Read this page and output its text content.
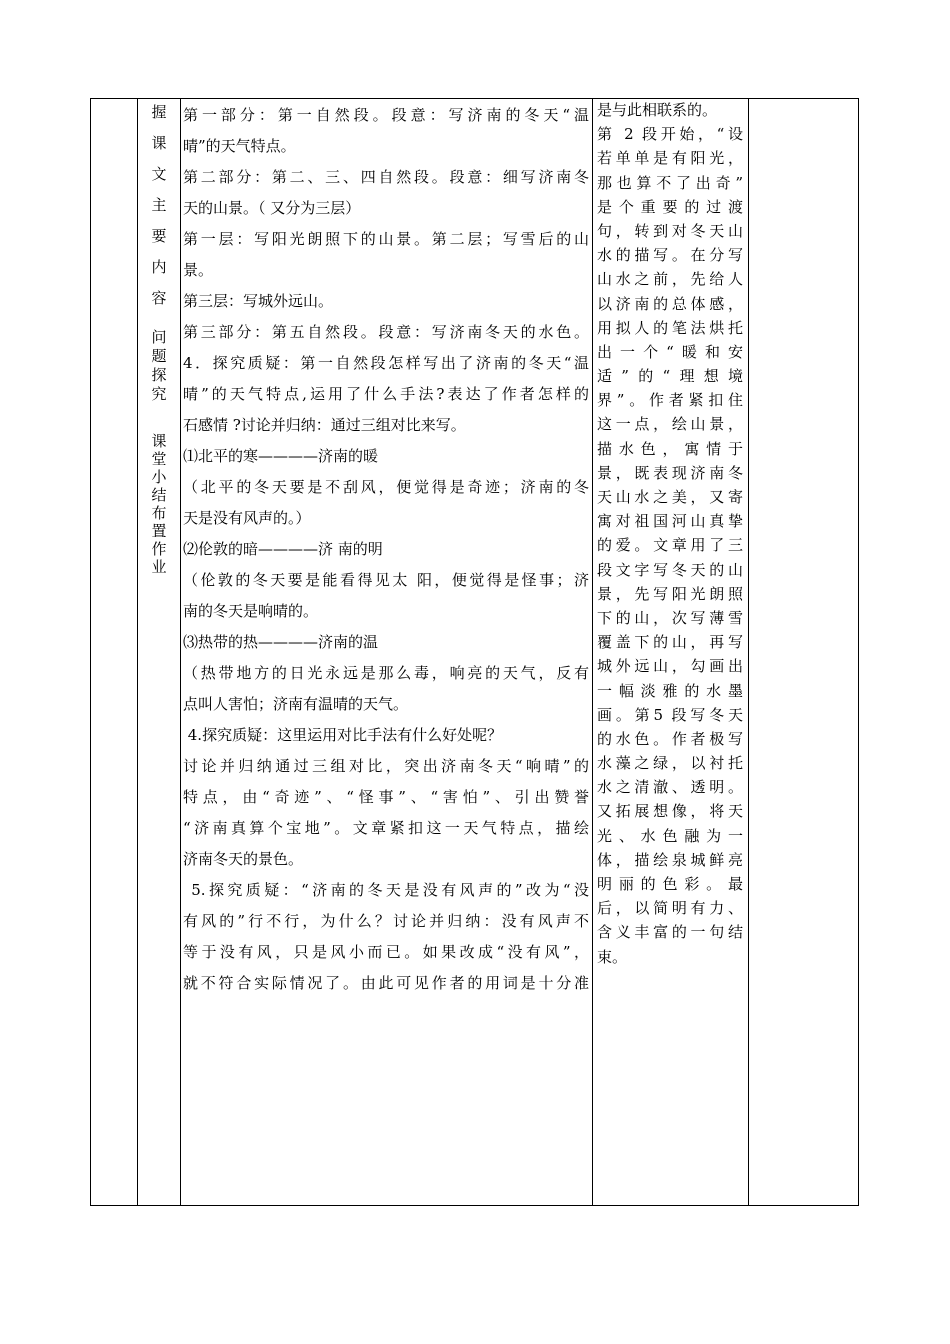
握课文主要内容
问题探究
课堂小结布置作业
第一部分：第一自然段。段意：写济南的冬天“温
晴”的天气特点。
第二部分：第二、三、四自然段。段意：细写济南冬
天的山景。（ 又分为三层）
第一层：写阳光朗照下的山景。第二层；写雪后的山
景。
第三层：写城外远山。
第三部分：第五自然段。段意：写济南冬天的水色。
4．探究质疑：第一自然段怎样写出了济南的冬天“温
晴”的天气特点,运用了什么手法?表达了作者怎样的
石感情 ?讨论并归纳：通过三组对比来写。
⑴北平的寒————济南的暖
（北平的冬天要是不刮风，便觉得是奇迹；济南的冬
天是没有风声的。）
⑵伦敦的暗————济 南的明
（伦敦的冬天要是能看得见太 阳，便觉得是怪事；济
南的冬天是响晴的。
⑶热带的热————济南的温
（热带地方的日光永远是那么毒，响亮的天气，反有
点叫人害怕；济南有温晴的天气。
4.探究质疑：这里运用对比手法有什么好处呢？
讨论并归纳通过三组对比，突出济南冬天“响晴”的
特点，由“奇迹”、“怪事”、“害怕”、引出赞誉
“济南真算个宝地”。文章紧扣这一天气特点，描绘
济南冬天的景色。
5.探究质疑：“济南的冬天是没有风声的”改为“没
有风的”行不行，为什么？讨论并归纳：没有风声不
等于没有风，只是风小而已。如果改成“没有风”，
就不符合实际情况了。由此可见作者的用词是十分准
是与此相联系的。
第 2 段开始，“设
若单单是有阳光，
那也算不了出奇”
是个重要的过渡
句，转到对冬天山
水的描写。在分写
山水之前，先给人
以济南的总体感，
用拟人的笔法烘托
出一个“暖和安
适”的“理想境
界”。作者紧扣住
这一点，绘山景，
描水色，寓情于
景，既表现济南冬
天山水之美，又寄
寓对祖国河山真挚
的爱。文章用了三
段文字写冬天的山
景，先写阳光朗照
下的山，次写薄雪
覆盖下的山，再写
城外远山，勾画出
一幅淡雅的水墨
画。第5 段写冬天
的水色。作者极写
水藻之绿，以衬托
水之清澈、透明。
又拓展想像，将天
光、水色融为一
体，描绘泉城鲜亮
明丽的色彩。最
后，以简明有力、
含义丰富的一句结
束。
